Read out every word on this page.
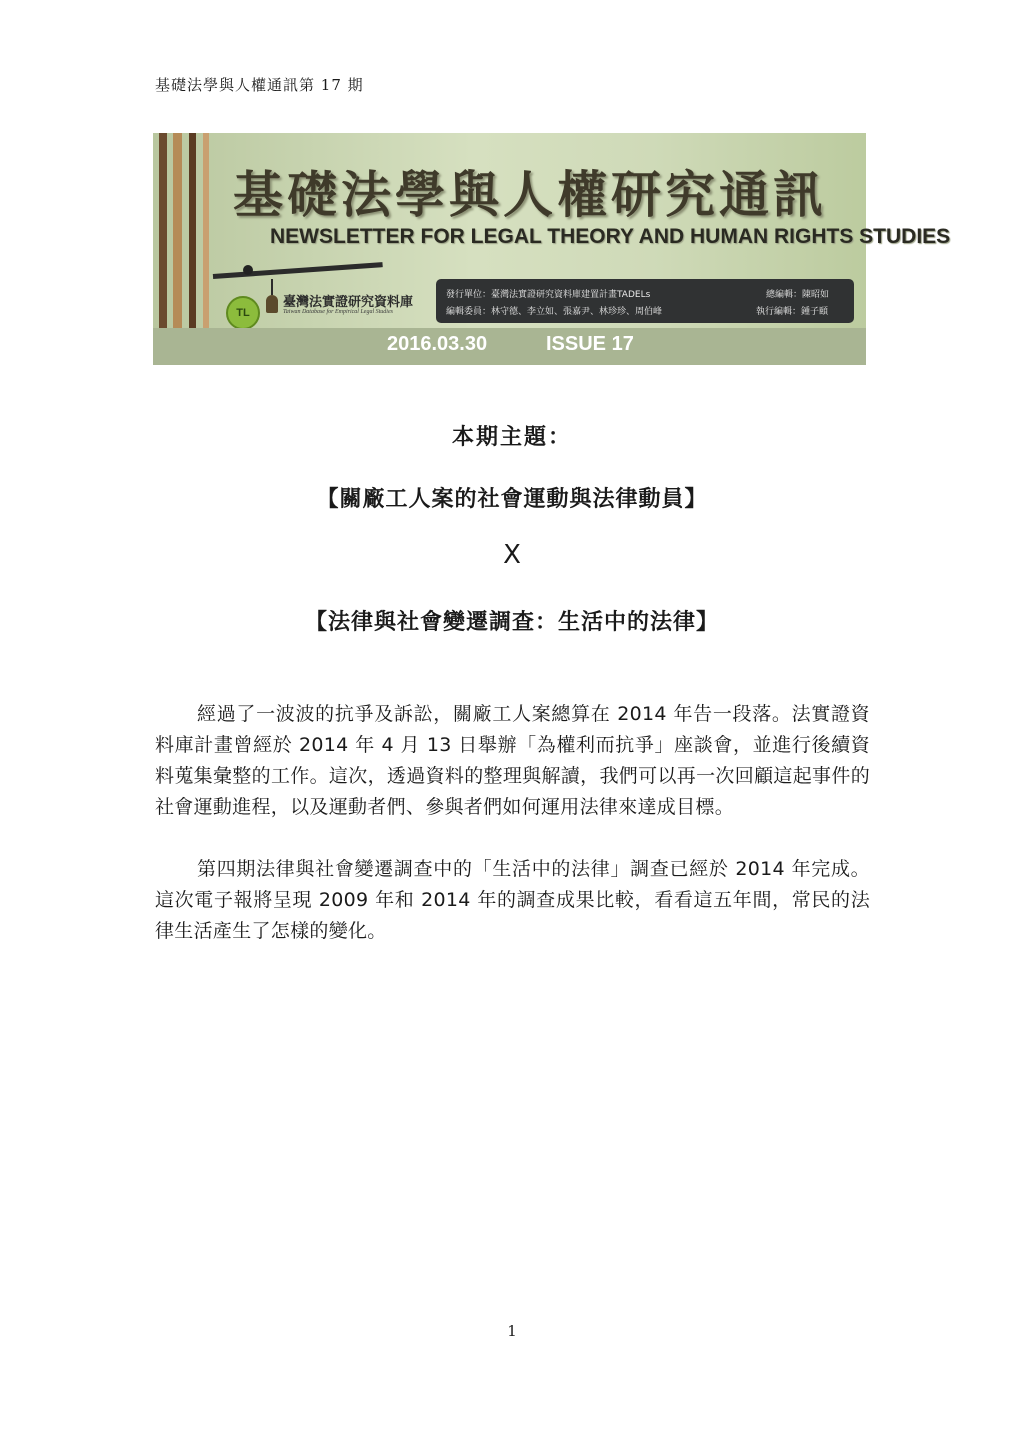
基礎法學與人權通訊第 17 期
基礎法學與人權研究通訊
NEWSLETTER FOR LEGAL THEORY AND HUMAN RIGHTS STUDIES
TL
臺灣法實證研究資料庫
Taiwan Database for Empirical Legal Studies
發行單位：臺灣法實證研究資料庫建置計畫TADELs
編輯委員：林守德、李立如、張嘉尹、林珍珍、周伯峰
總編輯：陳昭如
執行編輯：鍾子頤
2016.03.30	ISSUE 17
本期主題：
【關廠工人案的社會運動與法律動員】
X
【法律與社會變遷調查：生活中的法律】

經過了一波波的抗爭及訴訟，關廠工人案總算在 2014 年告一段落。法實證資料庫計畫曾經於 2014 年 4 月 13 日舉辦「為權利而抗爭」座談會，並進行後續資料蒐集彙整的工作。這次，透過資料的整理與解讀，我們可以再一次回顧這起事件的社會運動進程，以及運動者們、參與者們如何運用法律來達成目標。

第四期法律與社會變遷調查中的「生活中的法律」調查已經於 2014 年完成。這次電子報將呈現 2009 年和 2014 年的調查成果比較，看看這五年間，常民的法律生活產生了怎樣的變化。

1
